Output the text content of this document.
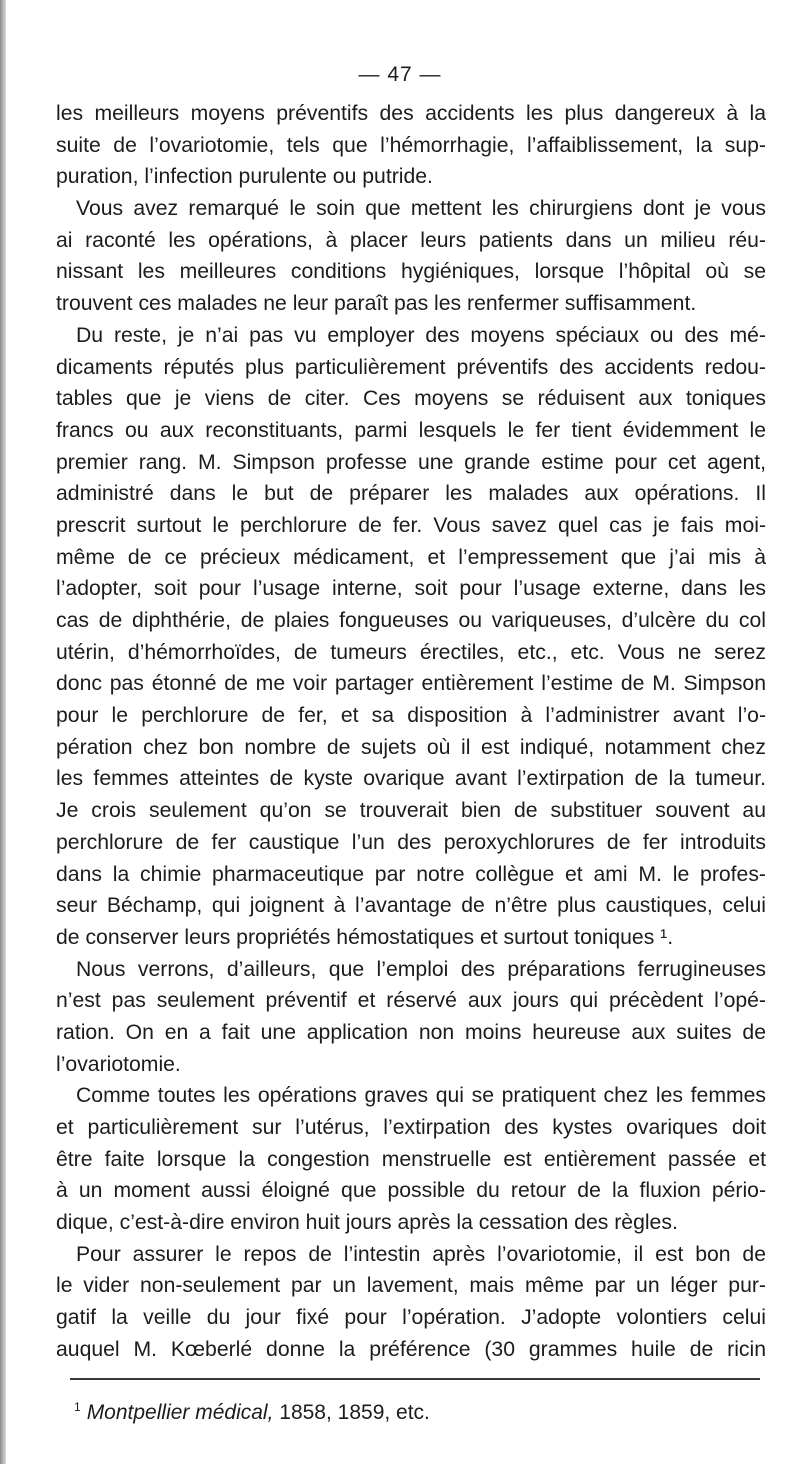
— 47 —
les meilleurs moyens préventifs des accidents les plus dangereux à la
suite de l’ovariotomie, tels que l’hémorrhagie, l’affaiblissement, la sup-
puration, l’infection purulente ou putride.
Vous avez remarqué le soin que mettent les chirurgiens dont je vous
ai raconté les opérations, à placer leurs patients dans un milieu réu-
nissant les meilleures conditions hygiéniques, lorsque l’hôpital où se
trouvent ces malades ne leur paraît pas les renfermer suffisamment.
Du reste, je n’ai pas vu employer des moyens spéciaux ou des mé-
dicaments réputés plus particulièrement préventifs des accidents redou-
tables que je viens de citer. Ces moyens se réduisent aux toniques
francs ou aux reconstituants, parmi lesquels le fer tient évidemment le
premier rang. M. Simpson professe une grande estime pour cet agent,
administré dans le but de préparer les malades aux opérations. Il
prescrit surtout le perchlorure de fer. Vous savez quel cas je fais moi-
même de ce précieux médicament, et l’empressement que j’ai mis à
l’adopter, soit pour l’usage interne, soit pour l’usage externe, dans les
cas de diphthérie, de plaies fongueuses ou variqueuses, d’ulcère du col
utérin, d’hémorrhoïdes, de tumeurs érectiles, etc., etc. Vous ne serez
donc pas étonné de me voir partager entièrement l’estime de M. Simpson
pour le perchlorure de fer, et sa disposition à l’administrer avant l’o-
pération chez bon nombre de sujets où il est indiqué, notamment chez
les femmes atteintes de kyste ovarique avant l’extirpation de la tumeur.
Je crois seulement qu’on se trouverait bien de substituer souvent au
perchlorure de fer caustique l’un des peroxychlorures de fer introduits
dans la chimie pharmaceutique par notre collègue et ami M. le profes-
seur Béchamp, qui joignent à l’avantage de n’être plus caustiques, celui
de conserver leurs propriétés hémostatiques et surtout toniques ¹.
Nous verrons, d’ailleurs, que l’emploi des préparations ferrugineuses
n’est pas seulement préventif et réservé aux jours qui précèdent l’opé-
ration. On en a fait une application non moins heureuse aux suites de
l’ovariotomie.
Comme toutes les opérations graves qui se pratiquent chez les femmes
et particulièrement sur l’utérus, l’extirpation des kystes ovariques doit
être faite lorsque la congestion menstruelle est entièrement passée et
à un moment aussi éloigné que possible du retour de la fluxion pério-
dique, c’est-à-dire environ huit jours après la cessation des règles.
Pour assurer le repos de l’intestin après l’ovariotomie, il est bon de
le vider non-seulement par un lavement, mais même par un léger pur-
gatif la veille du jour fixé pour l’opération. J’adopte volontiers celui
auquel M. Kœberlé donne la préférence (30 grammes huile de ricin
$^1$ Montpellier médical, 1858, 1859, etc.
